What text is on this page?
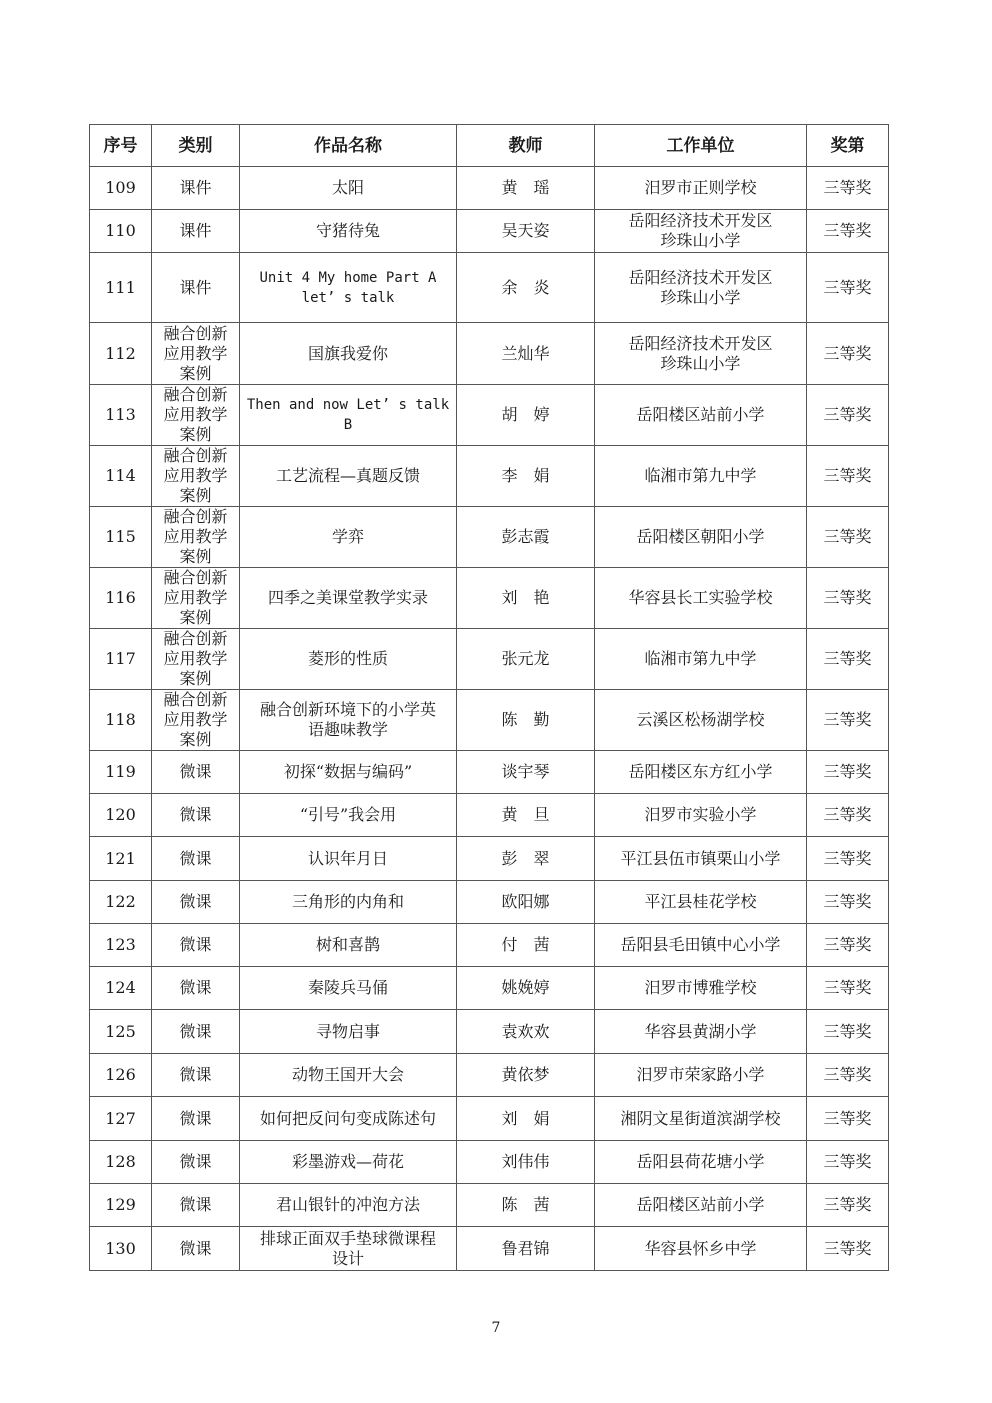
序号	类别	作品名称	教师	工作单位	奖第
109	课件	太阳	黄　瑶	汨罗市正则学校	三等奖
110	课件	守猪待兔	吴天姿	岳阳经济技术开发区
珍珠山小学	三等奖
111	课件	Unit 4 My home Part A
let’ s talk	余　炎	岳阳经济技术开发区
珍珠山小学	三等奖
112	融合创新
应用教学
案例	国旗我爱你	兰灿华	岳阳经济技术开发区
珍珠山小学	三等奖
113	融合创新
应用教学
案例	Then and now Let’ s talk
B	胡　婷	岳阳楼区站前小学	三等奖
114	融合创新
应用教学
案例	工艺流程—真题反馈	李　娟	临湘市第九中学	三等奖
115	融合创新
应用教学
案例	学弈	彭志霞	岳阳楼区朝阳小学	三等奖
116	融合创新
应用教学
案例	四季之美课堂教学实录	刘　艳	华容县长工实验学校	三等奖
117	融合创新
应用教学
案例	菱形的性质	张元龙	临湘市第九中学	三等奖
118	融合创新
应用教学
案例	融合创新环境下的小学英
语趣味教学	陈　勤	云溪区松杨湖学校	三等奖
119	微课	初探“数据与编码”	谈宇琴	岳阳楼区东方红小学	三等奖
120	微课	“引号”我会用	黄　旦	汨罗市实验小学	三等奖
121	微课	认识年月日	彭　翠	平江县伍市镇栗山小学	三等奖
122	微课	三角形的内角和	欧阳娜	平江县桂花学校	三等奖
123	微课	树和喜鹊	付　茜	岳阳县毛田镇中心小学	三等奖
124	微课	秦陵兵马俑	姚娩婷	汨罗市博雅学校	三等奖
125	微课	寻物启事	袁欢欢	华容县黄湖小学	三等奖
126	微课	动物王国开大会	黄依梦	汨罗市荣家路小学	三等奖
127	微课	如何把反问句变成陈述句	刘　娟	湘阴文星街道滨湖学校	三等奖
128	微课	彩墨游戏—荷花	刘伟伟	岳阳县荷花塘小学	三等奖
129	微课	君山银针的冲泡方法	陈　茜	岳阳楼区站前小学	三等奖
130	微课	排球正面双手垫球微课程
设计	鲁君锦	华容县怀乡中学	三等奖
7
